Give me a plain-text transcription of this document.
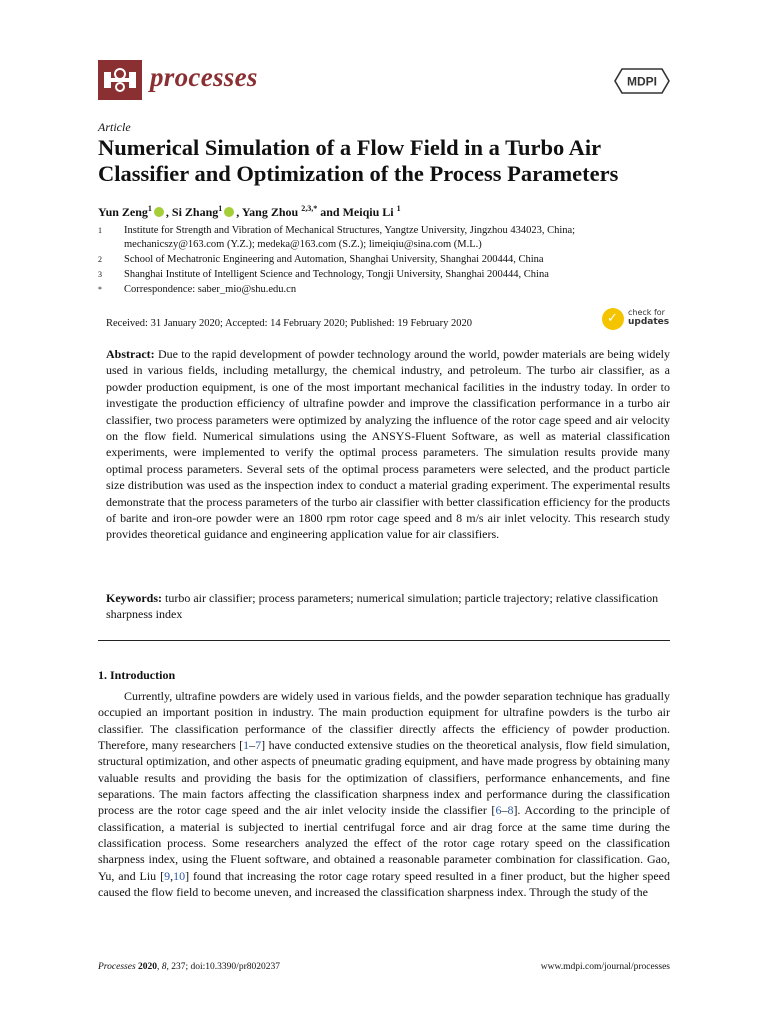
processes	MDPI
Article
Numerical Simulation of a Flow Field in a Turbo Air Classifier and Optimization of the Process Parameters
Yun Zeng$^1$ , Si Zhang$^1$ , Yang Zhou $^{2,3,*}$ and Meiqiu Li $^1$
1	Institute for Strength and Vibration of Mechanical Structures, Yangtze University, Jingzhou 434023, China; mechanicszy@163.com (Y.Z.); medeka@163.com (S.Z.); limeiqiu@sina.com (M.L.)
2	School of Mechatronic Engineering and Automation, Shanghai University, Shanghai 200444, China
3	Shanghai Institute of Intelligent Science and Technology, Tongji University, Shanghai 200444, China
*	Correspondence: saber_mio@shu.edu.cn
Received: 31 January 2020; Accepted: 14 February 2020; Published: 19 February 2020	✓ check for
updates

Abstract: Due to the rapid development of powder technology around the world, powder materials are being widely used in various fields, including metallurgy, the chemical industry, and petroleum. The turbo air classifier, as a powder production equipment, is one of the most important mechanical facilities in the industry today. In order to investigate the production efficiency of ultrafine powder and improve the classification performance in a turbo air classifier, two process parameters were optimized by analyzing the influence of the rotor cage speed and air velocity on the flow field. Numerical simulations using the ANSYS-Fluent Software, as well as material classification experiments, were implemented to verify the optimal process parameters. The simulation results provide many optimal process parameters. Several sets of the optimal process parameters were selected, and the product particle size distribution was used as the inspection index to conduct a material grading experiment. The experimental results demonstrate that the process parameters of the turbo air classifier with better classification efficiency for the products of barite and iron-ore powder were an 1800 rpm rotor cage speed and 8 m/s air inlet velocity. This research study provides theoretical guidance and engineering application value for air classifiers.

Keywords: turbo air classifier; process parameters; numerical simulation; particle trajectory; relative classification sharpness index

1. Introduction

Currently, ultrafine powders are widely used in various fields, and the powder separation technique has gradually occupied an important position in industry. The main production equipment for ultrafine powders is the turbo air classifier. The classification performance of the classifier directly affects the efficiency of powder production. Therefore, many researchers [1–7] have conducted extensive studies on the theoretical analysis, flow field simulation, structural optimization, and other aspects of pneumatic grading equipment, and have made progress by obtaining many valuable results and providing the basis for the optimization of classifiers, performance enhancements, and fine separations. The main factors affecting the classification sharpness index and performance during the classification process are the rotor cage speed and the air inlet velocity inside the classifier [6–8]. According to the principle of classification, a material is subjected to inertial centrifugal force and air drag force at the same time during the classification process. Some researchers analyzed the effect of the rotor cage rotary speed on the classification sharpness index, using the Fluent software, and obtained a reasonable parameter combination for classification. Gao, Yu, and Liu [9,10] found that increasing the rotor cage rotary speed resulted in a finer product, but the higher speed caused the flow field to become uneven, and increased the classification sharpness index. Through the study of the

Processes 2020, 8, 237; doi:10.3390/pr8020237	www.mdpi.com/journal/processes
